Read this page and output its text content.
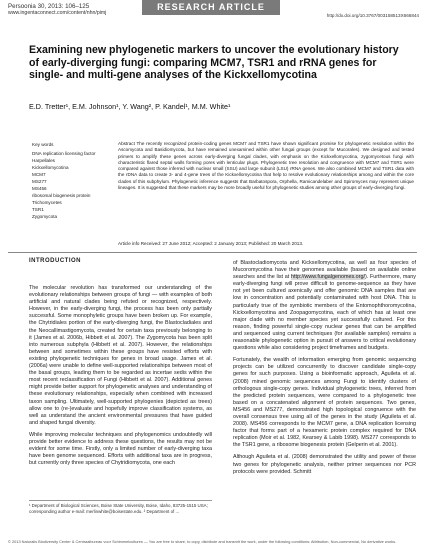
Persoonia 30, 2013: 106–125
www.ingentaconnect.com/content/nhn/pimj
RESEARCH ARTICLE
http://dx.doi.org/10.3767/003158513X666844
Examining new phylogenetic markers to uncover the evolutionary history of early-diverging fungi: comparing MCM7, TSR1 and rRNA genes for single- and multi-gene analyses of the Kickxellomycotina
E.D. Tretter¹, E.M. Johnson¹, Y. Wang², P. Kandel¹, M.M. White¹
Key words
DNA replication licensing factor
Harpellales
Kickxellomycotina
MCM7
MS277
MS456
ribosomal biogenesis protein
Trichomycetes
TSR1
Zygomycota
Abstract The recently recognized protein-coding genes MCM7 and TSR1 have shown significant promise for phylogenetic resolution within the Ascomycota and Basidiomycota, but have remained unexamined within other fungal groups (except for Mucorales). We designed and tested primers to amplify these genes across early-diverging fungal clades, with emphasis on the Kickxellomycotina, zygomycetous fungi with characteristic flared septal walls forming pores with lenticular plugs. Phylogenetic tree resolution and congruence with MCM7 and TSR1 were compared against those inferred with nuclear small (SSU) and large subunit (LSU) rRNA genes. We also combined MCM7 and TSR1 data with the rDNA data to create 3- and 4-gene trees of the Kickxellomycotina that help to resolve evolutionary relationships among and within the core clades of this subphylum. Phylogenetic inference suggests that Barbatospora, Orphella, Ramicandelaber and Spiromyces may represent unique lineages. It is suggested that these markers may be more broadly useful for phylogenetic studies among other groups of early-diverging fungi.
Article info Received: 27 June 2012; Accepted: 2 January 2013; Published: 20 March 2013.
INTRODUCTION

The molecular revolution has transformed our understanding of the evolutionary relationships between groups of fungi — with examples of both artificial and natural clades being refuted or recognized, respectively. However, in the early-diverging fungi, the process has been only partially successful. Some monophyletic groups have been broken up. For example, the Chytridiales portion of the early-diverging fungi, the Blastocladiales and the Neocallimastigomycota, created for certain taxa previously belonging to it (James et al. 2006b, Hibbett et al. 2007). The Zygomycota has been split into numerous subphyla (Hibbett et al. 2007). However, the relationships between and sometimes within these groups have resisted efforts with existing phylogenetic techniques for genes in broad usage. James et al. (2006a) were unable to define well-supported relationships between most of the basal groups, leading them to be regarded as incertae sedis within the most recent reclassification of Fungi (Hibbett et al. 2007). Additional genes might provide better support for phylogenetic analyses and understanding of these evolutionary relationships, especially when combined with increased taxon sampling. Ultimately, well-supported phylogenies (depicted as trees) allow one to (re-)evaluate and hopefully improve classification systems, as well as understand the ancient environmental pressures that have guided and shaped fungal diversity.

While improving molecular techniques and phylogenomics undoubtedly will provide better evidence to address these questions, the results may not be evident for some time. Firstly, only a limited number of early-diverging taxa have been genome sequenced. Efforts with additional taxa are in progress, but currently only three species of Chytridiomycota, one each

of Blastocladiomycota and Kickxellomycotina, as well as four species of Mucoromycotina have their genomes available (based on available online searches and the list at http://www.fungalgenomes.org/). Furthermore, many early-diverging fungi will prove difficult to genome-sequence as they have not yet been cultured axenically and offer genomic DNA samples that are low in concentration and potentially contaminated with host DNA. This is particularly true of the symbiotic members of the Entomophthoromycotina, Kickxellomycotina and Zoopagomycotina, each of which has at least one major clade with no member species yet successfully cultured. For this reason, finding powerful single-copy nuclear genes that can be amplified and sequenced using current techniques (for available samples) remains a reasonable phylogenetic option in pursuit of answers to critical evolutionary questions while also considering project timeframes and budgets.

Fortunately, the wealth of information emerging from genomic sequencing projects can be utilized concurrently to discover candidate single-copy genes for such purposes. Using a bioinformatic approach, Aguileta et al. (2008) mined genomic sequences among Fungi to identify clusters of orthologous single-copy genes. Individual phylogenetic trees, inferred from the predicted protein sequences, were compared to a phylogenetic tree based on a concatenated alignment of protein sequences. Two genes, MS456 and MS277, demonstrated high topological congruence with the overall consensus tree using all of the genes in the study (Aguileta et al. 2008). MS456 corresponds to the MCM7 gene, a DNA replication licensing factor that forms part of a hexameric protein complex required for DNA replication (Moir et al. 1982, Kearsey & Labib 1998). MS277 corresponds to the TSR1 gene, a ribosome biogenesis protein (Gelperin et al. 2001).

Although Aguileta et al. (2008) demonstrated the utility and power of these two genes for phylogenetic analysis, neither primer sequences nor PCR protocols were provided. Schmitt

¹ Department of Biological Sciences, Boise State University, Boise, Idaho, 83725-1515 USA; corresponding author e-mail: merlinwhite@boisestate.edu. ² Department of ...
© 2013 Naturalis Biodiversity Center & Centraalbureau voor Schimmelcultures — You are free to share, to copy, distribute and transmit the work, under the following conditions: Attribution, Non-commercial, No derivative works.
